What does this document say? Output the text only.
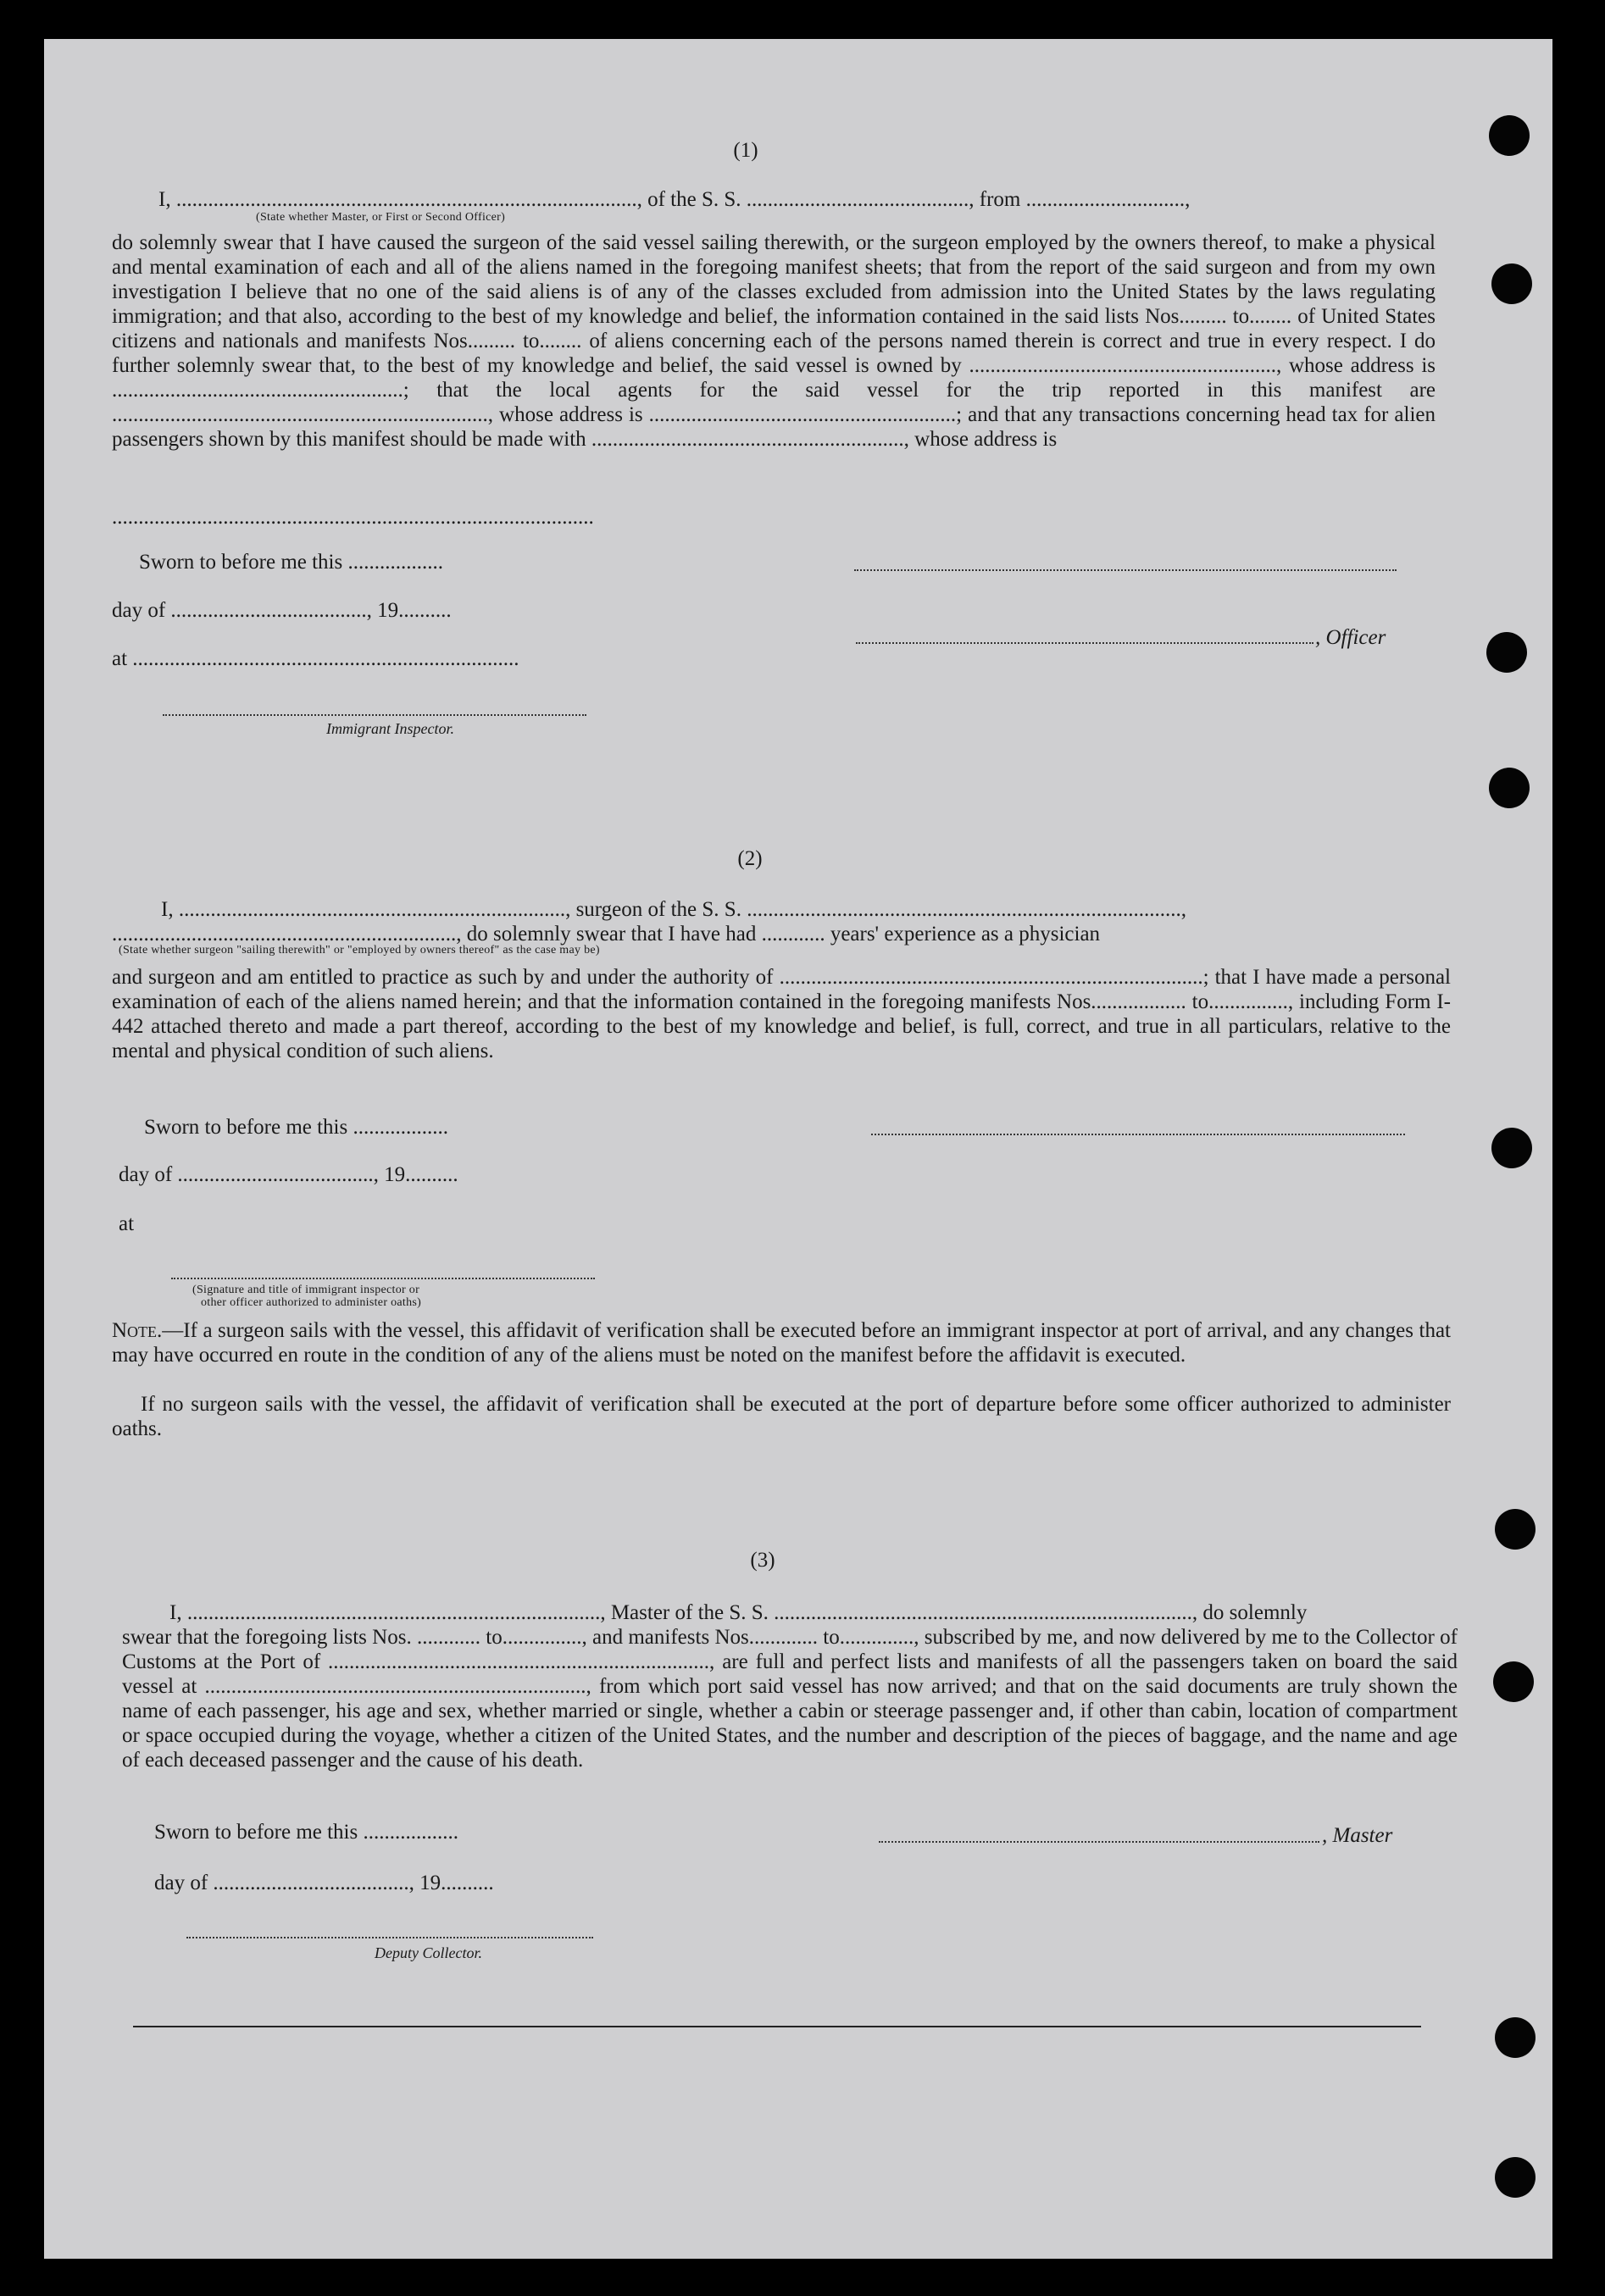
(1)
I, ......................................................................................., of the S. S. .........................................., from ..............................,
(State whether Master, or First or Second Officer)
do solemnly swear that I have caused the surgeon of the said vessel sailing therewith, or the surgeon employed by the owners thereof, to make a physical and mental examination of each and all of the aliens named in the foregoing manifest sheets; that from the report of the said surgeon and from my own investigation I believe that no one of the said aliens is of any of the classes excluded from admission into the United States by the laws regulating immigration; and that also, according to the best of my knowledge and belief, the information contained in the said lists Nos......... to........ of United States citizens and nationals and manifests Nos......... to........ of aliens concerning each of the persons named therein is correct and true in every respect. I do further solemnly swear that, to the best of my knowledge and belief, the said vessel is owned by .........................................................., whose address is .......................................................; that the local agents for the said vessel for the trip reported in this manifest are ......................................................................., whose address is ..........................................................; and that any transactions concerning head tax for alien passengers shown by this manifest should be made with ..........................................................., whose address is
...........................................................................................
Sworn to before me this ..................
day of ....................................., 19..........
, Officer
at .........................................................................
Immigrant Inspector.
(2)
I, ........................................................................., surgeon of the S. S. ..................................................................................,
................................................................., do solemnly swear that I have had ............ years' experience as a physician
(State whether surgeon "sailing therewith" or "employed by owners thereof" as the case may be)
and surgeon and am entitled to practice as such by and under the authority of ................................................................................; that I have made a personal examination of each of the aliens named herein; and that the information contained in the foregoing manifests Nos.................. to..............., including Form I-442 attached thereto and made a part thereof, according to the best of my knowledge and belief, is full, correct, and true in all particulars, relative to the mental and physical condition of such aliens.
Sworn to before me this ..................
day of ....................................., 19..........
at
(Signature and title of immigrant inspector or
other officer authorized to administer oaths)
Note.—If a surgeon sails with the vessel, this affidavit of verification shall be executed before an immigrant inspector at port of arrival, and any changes that may have occurred en route in the condition of any of the aliens must be noted on the manifest before the affidavit is executed.
If no surgeon sails with the vessel, the affidavit of verification shall be executed at the port of departure before some officer authorized to administer oaths.
(3)
I, .............................................................................., Master of the S. S. ..............................................................................., do solemnly
swear that the foregoing lists Nos. ............ to..............., and manifests Nos............. to.............., subscribed by me, and now delivered by me to the Collector of Customs at the Port of ........................................................................, are full and perfect lists and manifests of all the passengers taken on board the said vessel at ........................................................................, from which port said vessel has now arrived; and that on the said documents are truly shown the name of each passenger, his age and sex, whether married or single, whether a cabin or steerage passenger and, if other than cabin, location of compartment or space occupied during the voyage, whether a citizen of the United States, and the number and description of the pieces of baggage, and the name and age of each deceased passenger and the cause of his death.
Sworn to before me this ..................	, Master
day of ....................................., 19..........
Deputy Collector.
